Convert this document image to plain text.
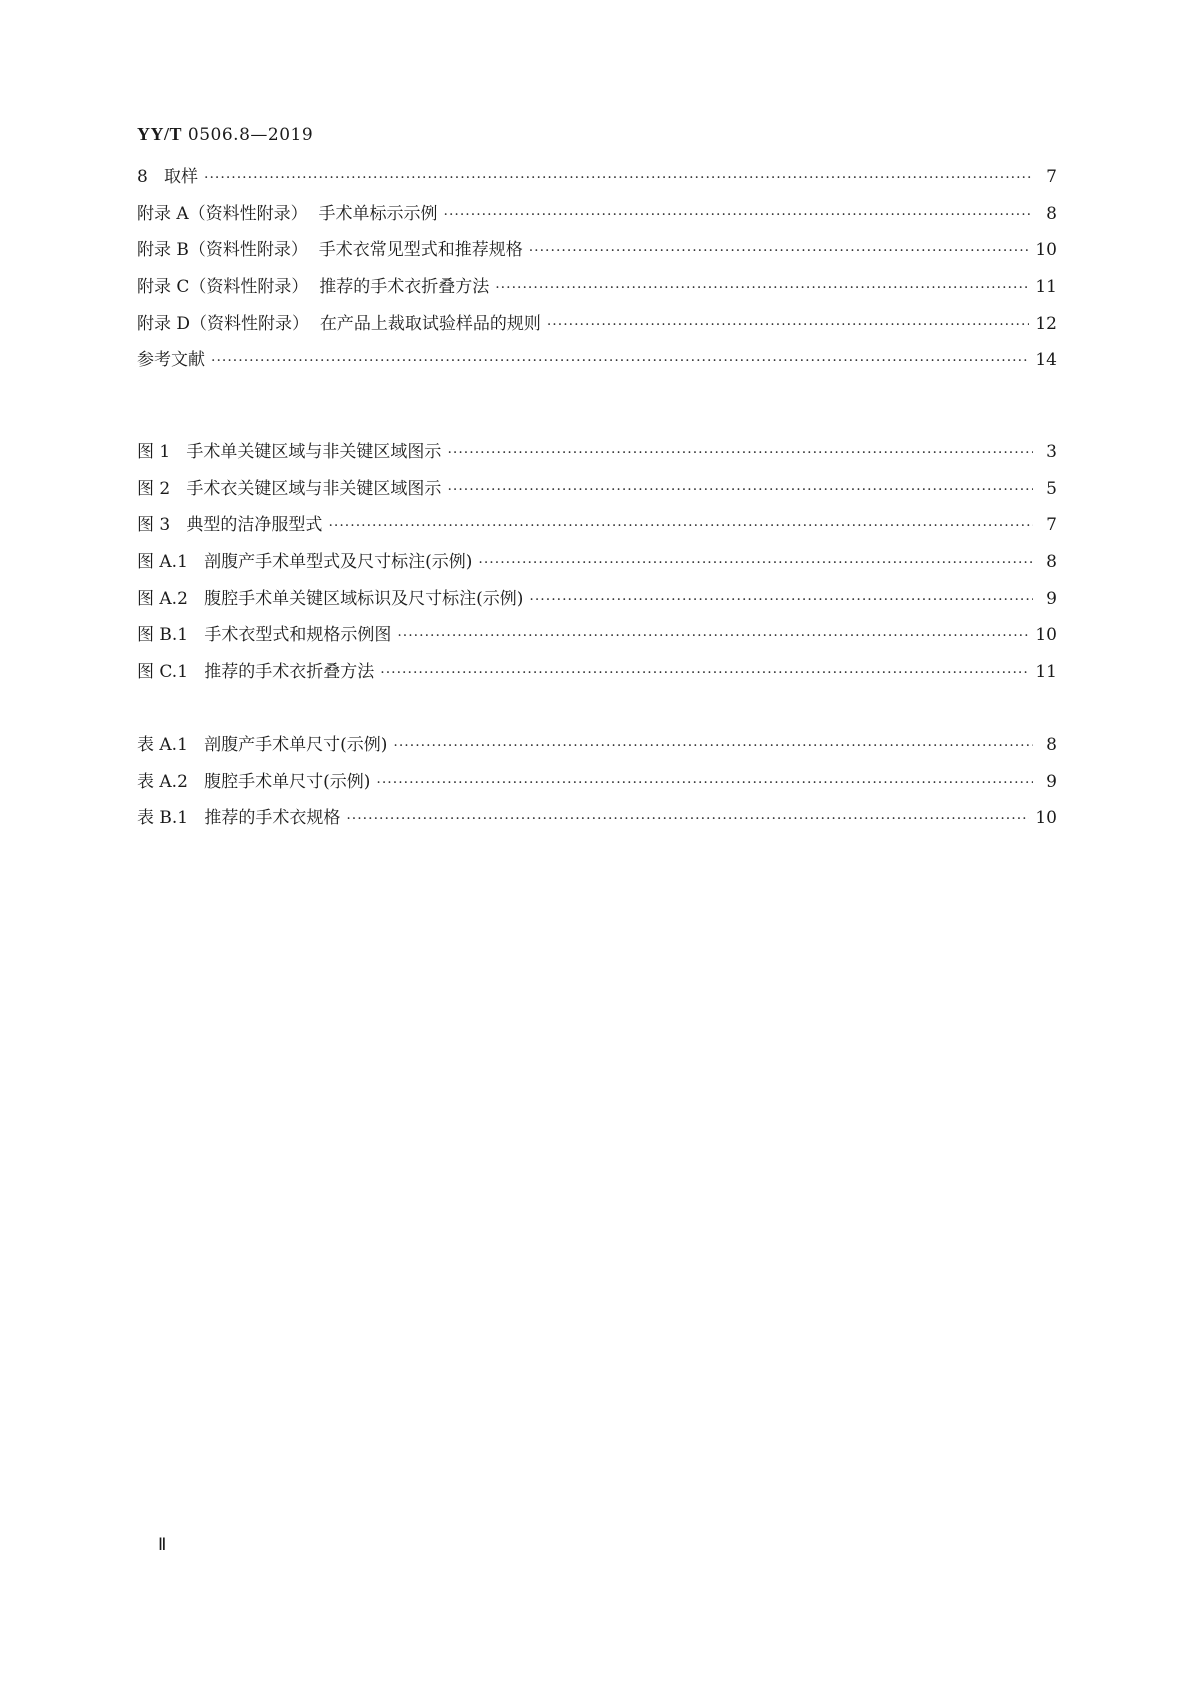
YY/T 0506.8—2019
8   取样 ·····	7
附录 A（资料性附录）  手术单标示示例 ·····	8
附录 B（资料性附录）  手术衣常见型式和推荐规格 ·····	10
附录 C（资料性附录）  推荐的手术衣折叠方法 ·····	11
附录 D（资料性附录）  在产品上裁取试验样品的规则 ·····	12
参考文献 ·····	14
图 1   手术单关键区域与非关键区域图示 ·····	3
图 2   手术衣关键区域与非关键区域图示 ·····	5
图 3   典型的洁净服型式 ·····	7
图 A.1   剖腹产手术单型式及尺寸标注(示例) ·····	8
图 A.2   腹腔手术单关键区域标识及尺寸标注(示例) ·····	9
图 B.1   手术衣型式和规格示例图 ·····	10
图 C.1   推荐的手术衣折叠方法 ·····	11
表 A.1   剖腹产手术单尺寸(示例) ·····	8
表 A.2   腹腔手术单尺寸(示例) ·····	9
表 B.1   推荐的手术衣规格 ·····	10
Ⅱ
